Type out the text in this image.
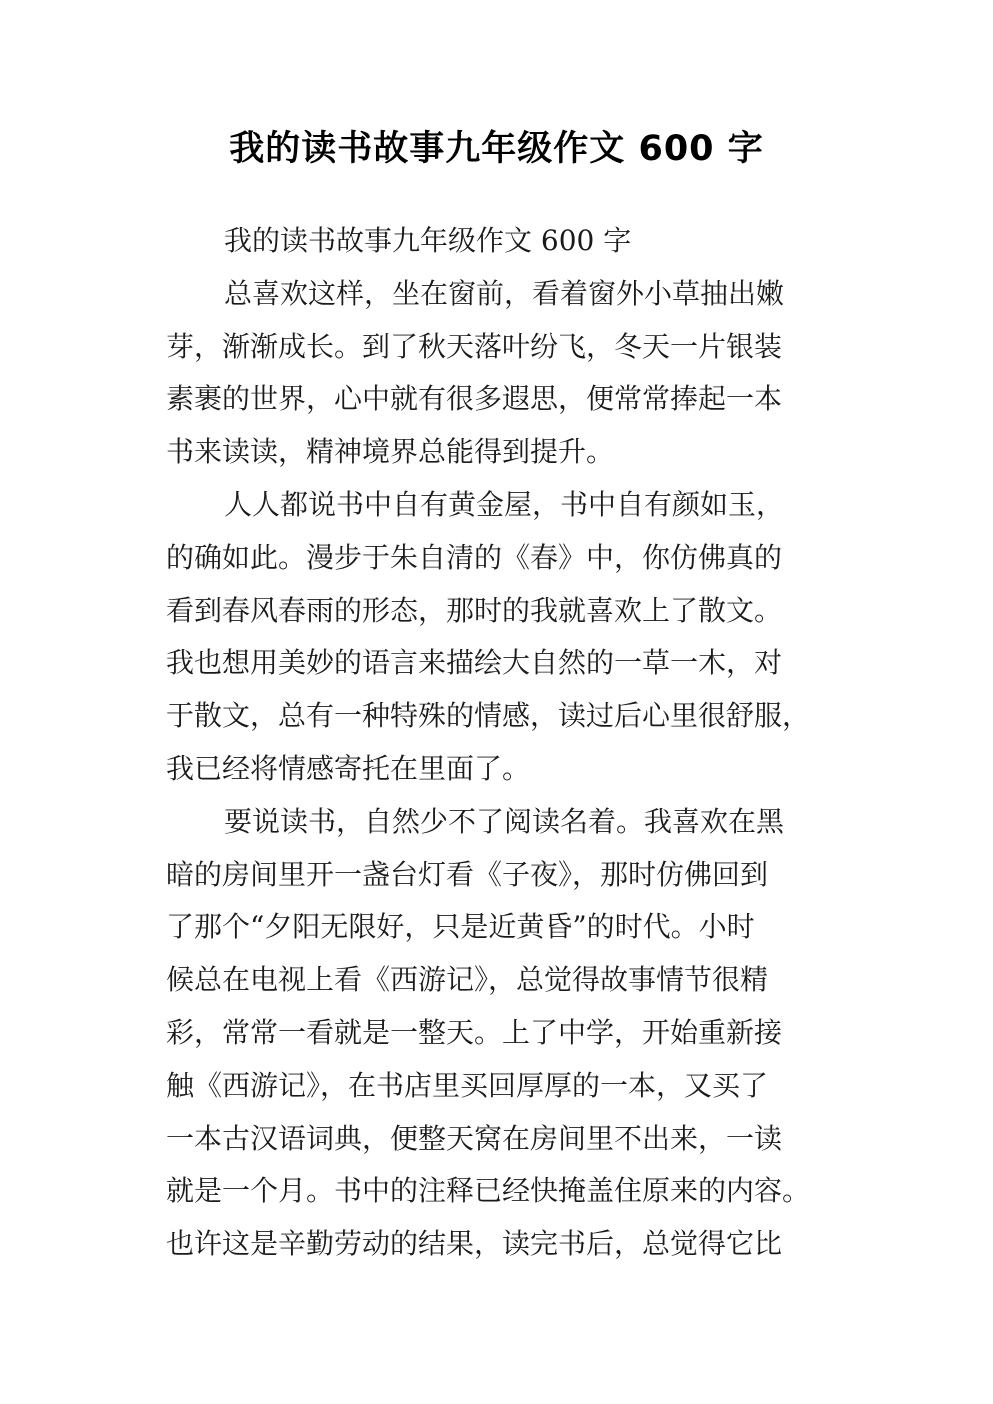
我的读书故事九年级作文 600 字
我的读书故事九年级作文 600 字
总喜欢这样，坐在窗前，看着窗外小草抽出嫩
芽，渐渐成长。到了秋天落叶纷飞，冬天一片银装
素裹的世界，心中就有很多遐思，便常常捧起一本
书来读读，精神境界总能得到提升。
人人都说书中自有黄金屋，书中自有颜如玉，
的确如此。漫步于朱自清的《春》中，你仿佛真的
看到春风春雨的形态，那时的我就喜欢上了散文。
我也想用美妙的语言来描绘大自然的一草一木，对
于散文，总有一种特殊的情感，读过后心里很舒服，
我已经将情感寄托在里面了。
要说读书，自然少不了阅读名着。我喜欢在黑
暗的房间里开一盏台灯看《子夜》，那时仿佛回到
了那个“夕阳无限好，只是近黄昏”的时代。小时
候总在电视上看《西游记》，总觉得故事情节很精
彩，常常一看就是一整天。上了中学，开始重新接
触《西游记》，在书店里买回厚厚的一本，又买了
一本古汉语词典，便整天窝在房间里不出来，一读
就是一个月。书中的注释已经快掩盖住原来的内容。
也许这是辛勤劳动的结果，读完书后，总觉得它比
